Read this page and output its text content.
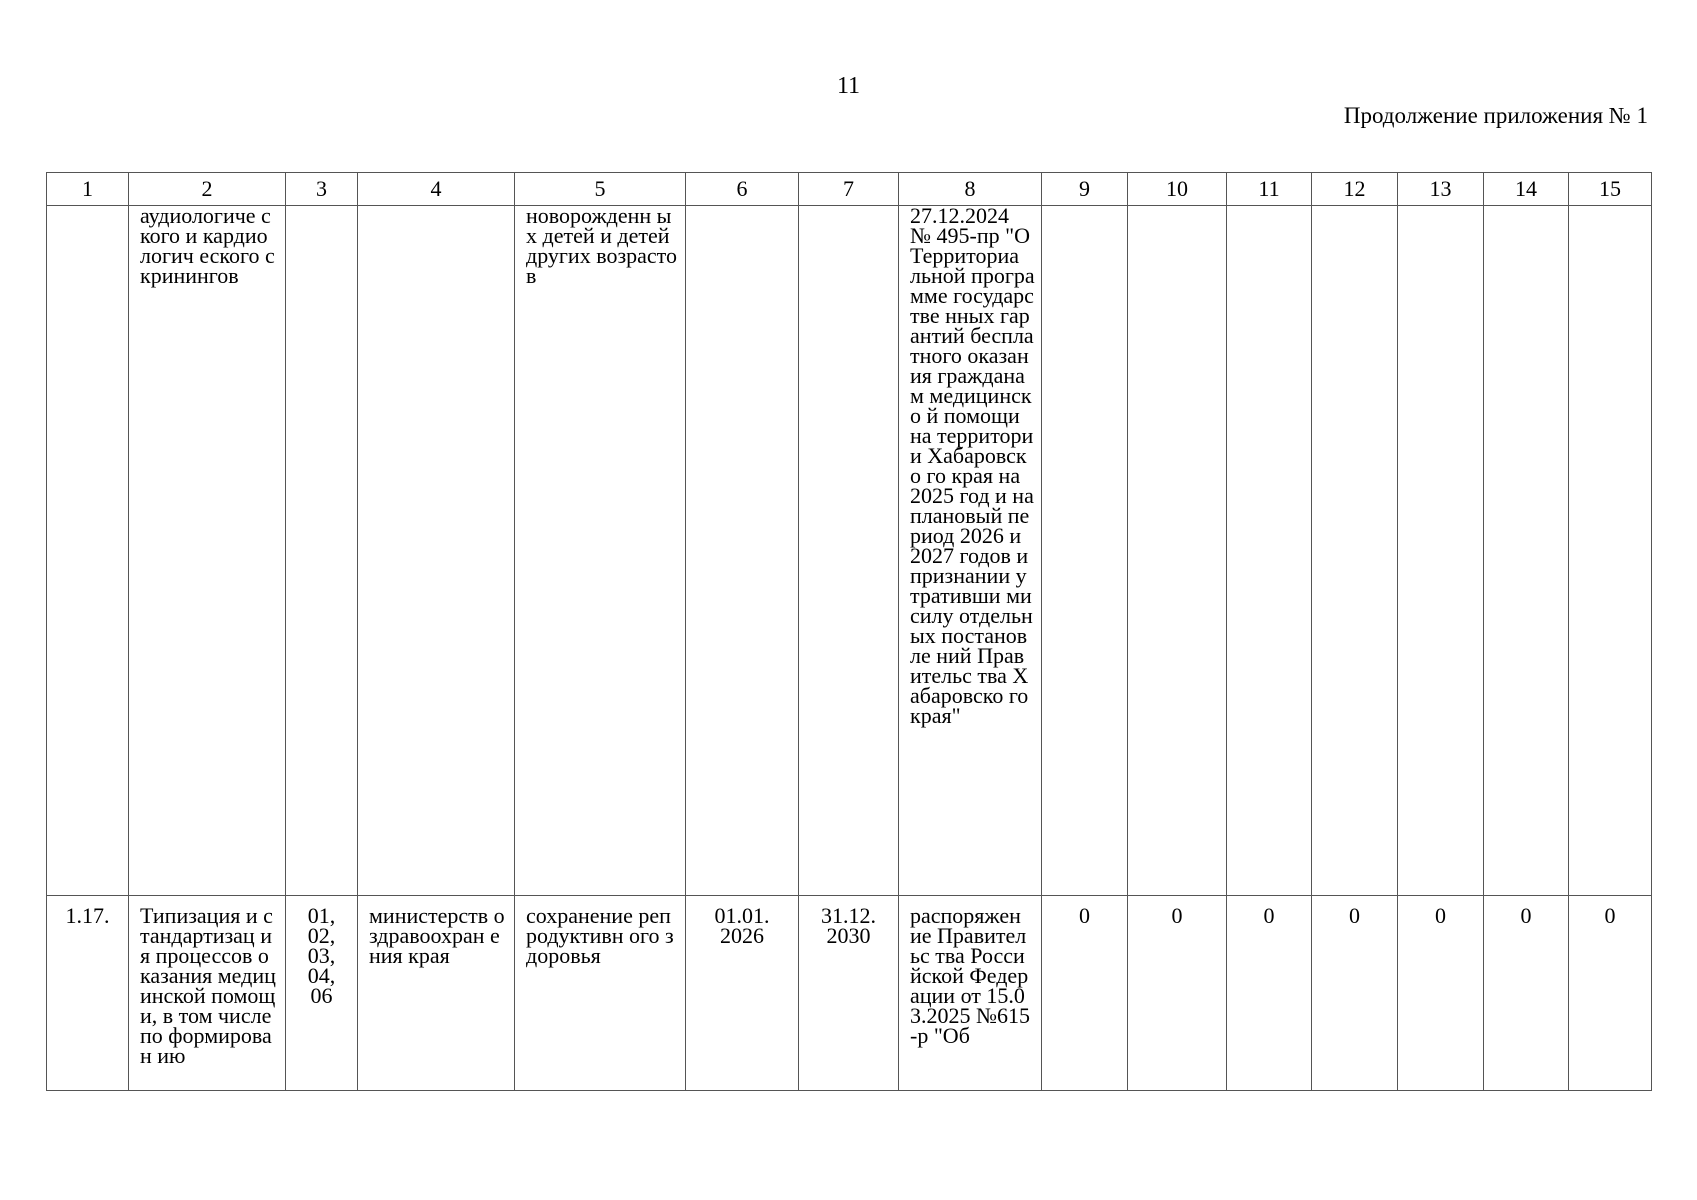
11
Продолжение приложения № 1
1	2	3	4	5	6	7	8	9	10	11	12	13	14	15

	аудиологиче ского и кардиологич еского скринингов			новорожденн ых детей и детей других возрастов			27.12.2024 № 495-пр "О Территориа льной программе государстве нных гарантий бесплатного оказания гражданам медицинско й помощи на территории Хабаровско го края на 2025 год и на плановый период 2026 и 2027 годов и признании утративши ми силу отдельных постановле ний Правительс тва Хабаровско го края"							

1.17.	Типизация и стандартизац ия процессов оказания медицинской помощи, в том числе по формирован ию	01, 02, 03, 04, 06	министерств о здравоохран ения края	сохранение репродуктивн ого здоровья	01.01. 2026	31.12. 2030	распоряжен ие Правительс тва Российской Федерации от 15.03.2025 №615-р "Об	0	0	0	0	0	0	0
